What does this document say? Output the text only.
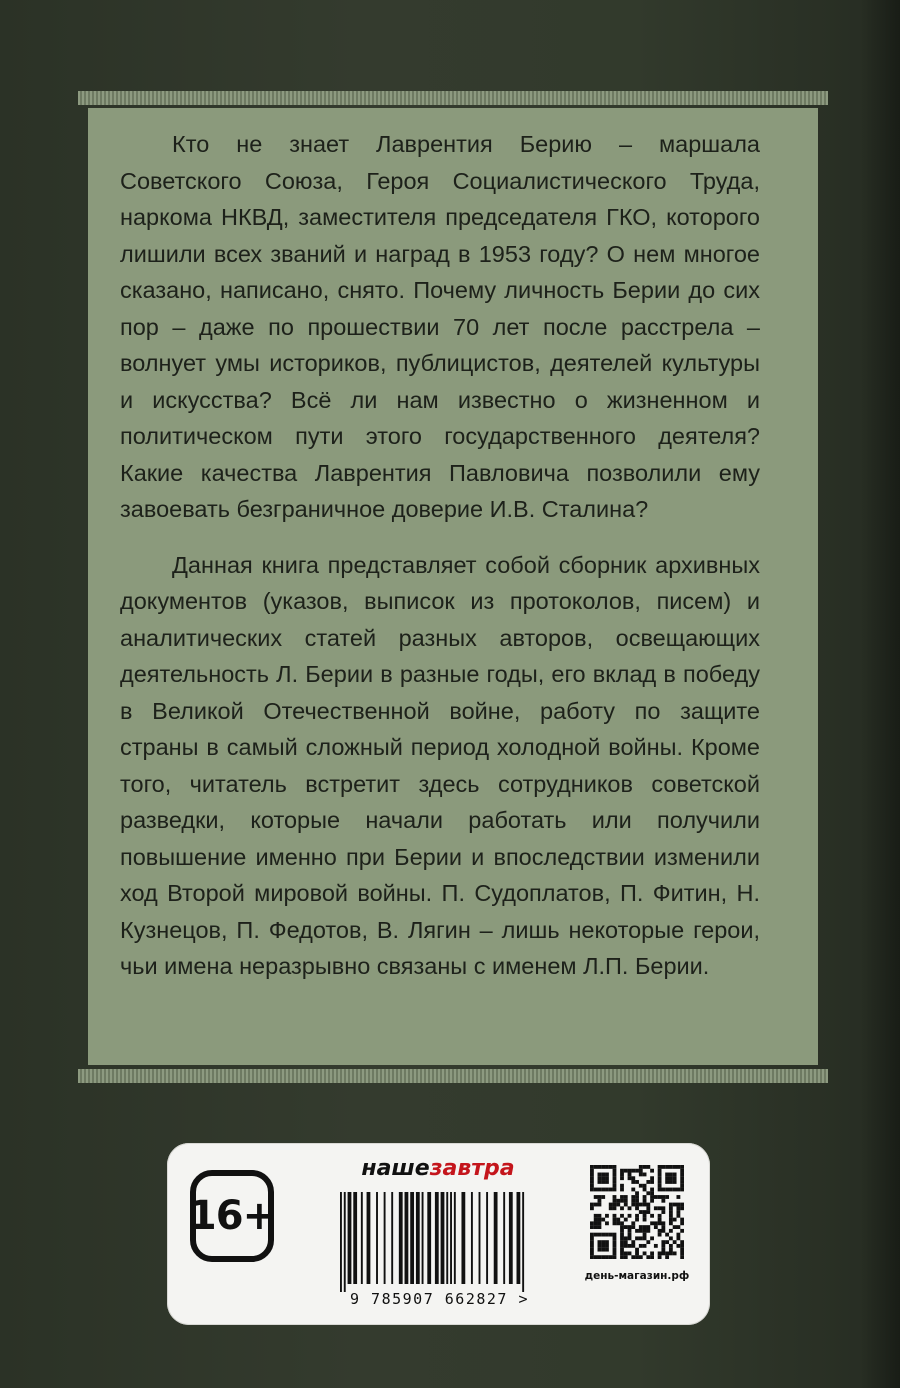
Кто не знает Лаврентия Берию – маршала Советского Союза, Героя Социалистического Труда, наркома НКВД, заместителя председателя ГКО, которого лишили всех званий и наград в 1953 году? О нем многое сказано, написано, снято. Почему личность Берии до сих пор – даже по прошествии 70 лет после расстрела – волнует умы историков, публицистов, деятелей культуры и искусства? Всё ли нам известно о жизненном и политическом пути этого государственного деятеля? Какие качества Лаврентия Павловича позволили ему завоевать безграничное доверие И.В. Сталина?

Данная книга представляет собой сборник архивных документов (указов, выписок из протоколов, писем) и аналитических статей разных авторов, освещающих деятельность Л. Берии в разные годы, его вклад в победу в Великой Отечественной войне, работу по защите страны в самый сложный период холодной войны. Кроме того, читатель встретит здесь сотрудников советской разведки, которые начали работать или получили повышение именно при Берии и впоследствии изменили ход Второй мировой войны. П. Судоплатов, П. Фитин, Н. Кузнецов, П. Федотов, В. Лягин – лишь некоторые герои, чьи имена неразрывно связаны с именем Л.П. Берии.

16+
нашезавтра
9 785907 662827 >
день-магазин.рф
